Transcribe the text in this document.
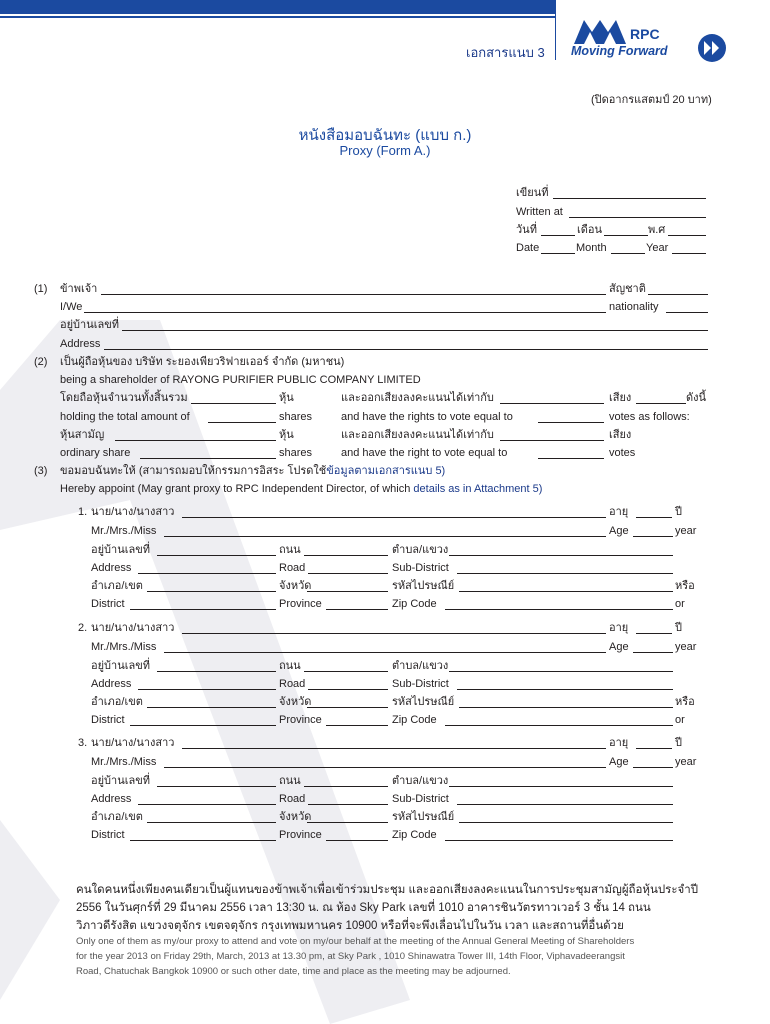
เอกสารแนบ 3
RPC
Moving Forward
(ปิดอากรแสตมป์ 20 บาท)
หนังสือมอบฉันทะ (แบบ ก.)
Proxy (Form A.)
เขียนที่
Written at
วันที่	เดือน	พ.ศ
Date	Month	Year
(1) ข้าพเจ้า	สัญชาติ
I/We	nationality
อยู่บ้านเลขที่
Address
(2) เป็นผู้ถือหุ้นของ บริษัท ระยองเพียวริฟายเออร์ จำกัด (มหาชน)
being a shareholder of RAYONG PURIFIER PUBLIC COMPANY LIMITED
โดยถือหุ้นจำนวนทั้งสิ้นรวม	หุ้น	และออกเสียงลงคะแนนได้เท่ากับ	เสียง	ดังนี้
holding the total amount of	shares	and have the rights to vote equal to	votes as follows:
หุ้นสามัญ	หุ้น	และออกเสียงลงคะแนนได้เท่ากับ	เสียง
ordinary share	shares	and have the right to vote equal to	votes
(3) ขอมอบฉันทะให้ (สามารถมอบให้กรรมการอิสระ โปรดใช้ข้อมูลตามเอกสารแนบ 5)
Hereby appoint (May grant proxy to RPC Independent Director, of which details as in Attachment 5)
1. นาย/นาง/นางสาว	อายุ	ปี
Mr./Mrs./Miss	Age	year
อยู่บ้านเลขที่	ถนน	ตำบล/แขวง
Address	Road	Sub-District
อำเภอ/เขต	จังหวัด	รหัสไปรษณีย์	หรือ
District	Province	Zip Code	or
2. นาย/นาง/นางสาว	อายุ	ปี
Mr./Mrs./Miss	Age	year
อยู่บ้านเลขที่	ถนน	ตำบล/แขวง
Address	Road	Sub-District
อำเภอ/เขต	จังหวัด	รหัสไปรษณีย์	หรือ
District	Province	Zip Code	or
3. นาย/นาง/นางสาว	อายุ	ปี
Mr./Mrs./Miss	Age	year
อยู่บ้านเลขที่	ถนน	ตำบล/แขวง
Address	Road	Sub-District
อำเภอ/เขต	จังหวัด	รหัสไปรษณีย์
District	Province	Zip Code
คนใดคนหนึ่งเพียงคนเดียวเป็นผู้แทนของข้าพเจ้าเพื่อเข้าร่วมประชุม และออกเสียงลงคะแนนในการประชุมสามัญผู้ถือหุ้นประจำปี
2556 ในวันศุกร์ที่ 29 มีนาคม 2556 เวลา 13:30 น. ณ ห้อง Sky Park เลขที่ 1010 อาคารชินวัตรทาวเวอร์ 3 ชั้น 14 ถนน
วิภาวดีรังสิต แขวงจตุจักร เขตจตุจักร กรุงเทพมหานคร 10900 หรือที่จะพึงเลื่อนไปในวัน เวลา และสถานที่อื่นด้วย
Only one of them as my/our proxy to attend and vote on my/our behalf at the meeting of the Annual General Meeting of Shareholders
for the year 2013 on Friday 29th, March, 2013 at 13.30 pm, at Sky Park , 1010 Shinawatra Tower III, 14th Floor, Viphavadeerangsit
Road, Chatuchak Bangkok 10900 or such other date, time and place as the meeting may be adjourned.
